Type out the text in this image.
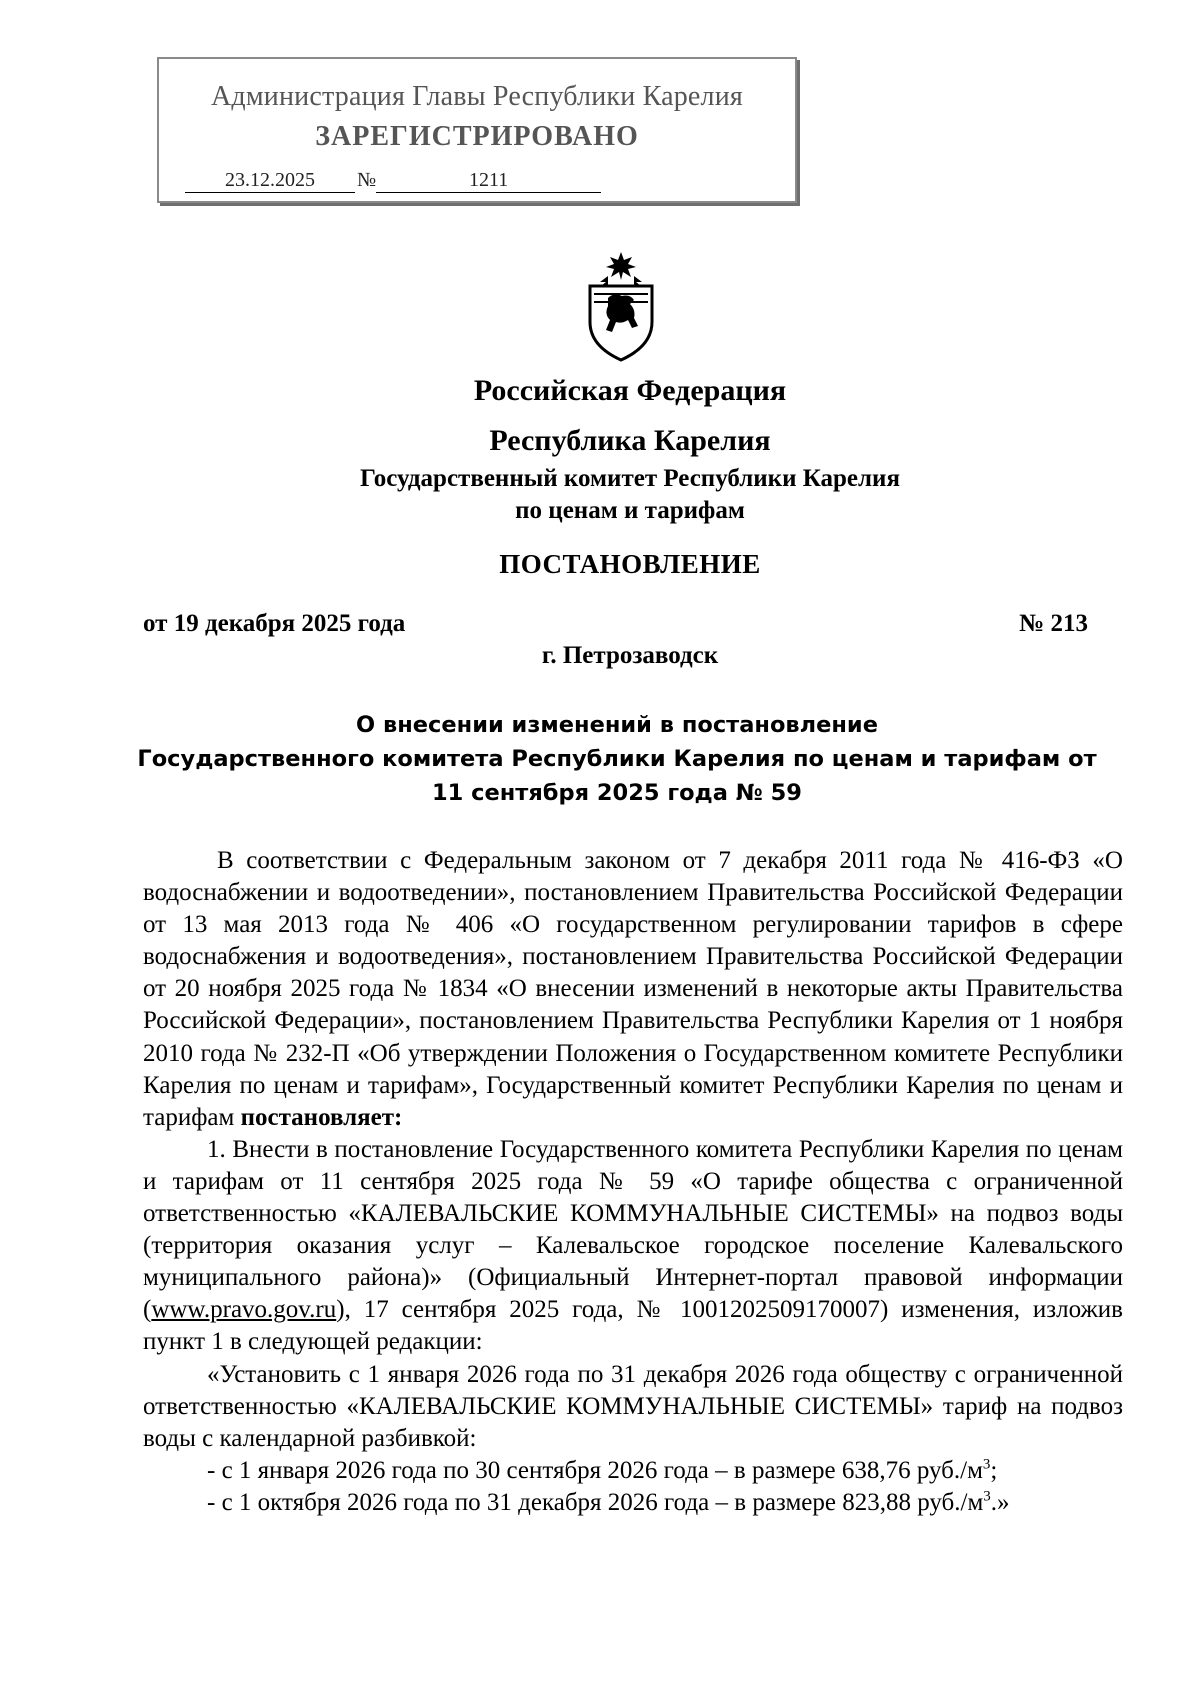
Администрация Главы Республики Карелия
ЗАРЕГИСТРИРОВАНО
23.12.2025 №	1211
Российская Федерация
Республика Карелия
Государственный комитет Республики Карелия
по ценам и тарифам
ПОСТАНОВЛЕНИЕ
от 19 декабря 2025 года	№ 213
г. Петрозаводск
О внесении изменений в постановление
Государственного комитета Республики Карелия по ценам и тарифам от
11 сентября 2025 года № 59

В соответствии с Федеральным законом от 7 декабря 2011 года № 416-ФЗ «О водоснабжении и водоотведении», постановлением Правительства Российской Федерации от 13 мая 2013 года № 406 «О государственном регулировании тарифов в сфере водоснабжения и водоотведения», постановлением Правительства Российской Федерации от 20 ноября 2025 года № 1834 «О внесении изменений в некоторые акты Правительства Российской Федерации», постановлением Правительства Республики Карелия от 1 ноября 2010 года № 232-П «Об утверждении Положения о Государственном комитете Республики Карелия по ценам и тарифам», Государственный комитет Республики Карелия по ценам и тарифам постановляет:

1. Внести в постановление Государственного комитета Республики Карелия по ценам и тарифам от 11 сентября 2025 года № 59 «О тарифе общества с ограниченной ответственностью «КАЛЕВАЛЬСКИЕ КОММУНАЛЬНЫЕ СИСТЕМЫ» на подвоз воды (территория оказания услуг – Калевальское городское поселение Калевальского муниципального района)» (Официальный Интернет-портал правовой информации (www.pravo.gov.ru), 17 сентября 2025 года, № 1001202509170007) изменения, изложив пункт 1 в следующей редакции:

«Установить с 1 января 2026 года по 31 декабря 2026 года обществу с ограниченной ответственностью «КАЛЕВАЛЬСКИЕ КОММУНАЛЬНЫЕ СИСТЕМЫ» тариф на подвоз воды с календарной разбивкой:

- с 1 января 2026 года по 30 сентября 2026 года – в размере 638,76 $руб./м^3$;

- с 1 октября 2026 года по 31 декабря 2026 года – в размере 823,88 $руб./м^3$.»
